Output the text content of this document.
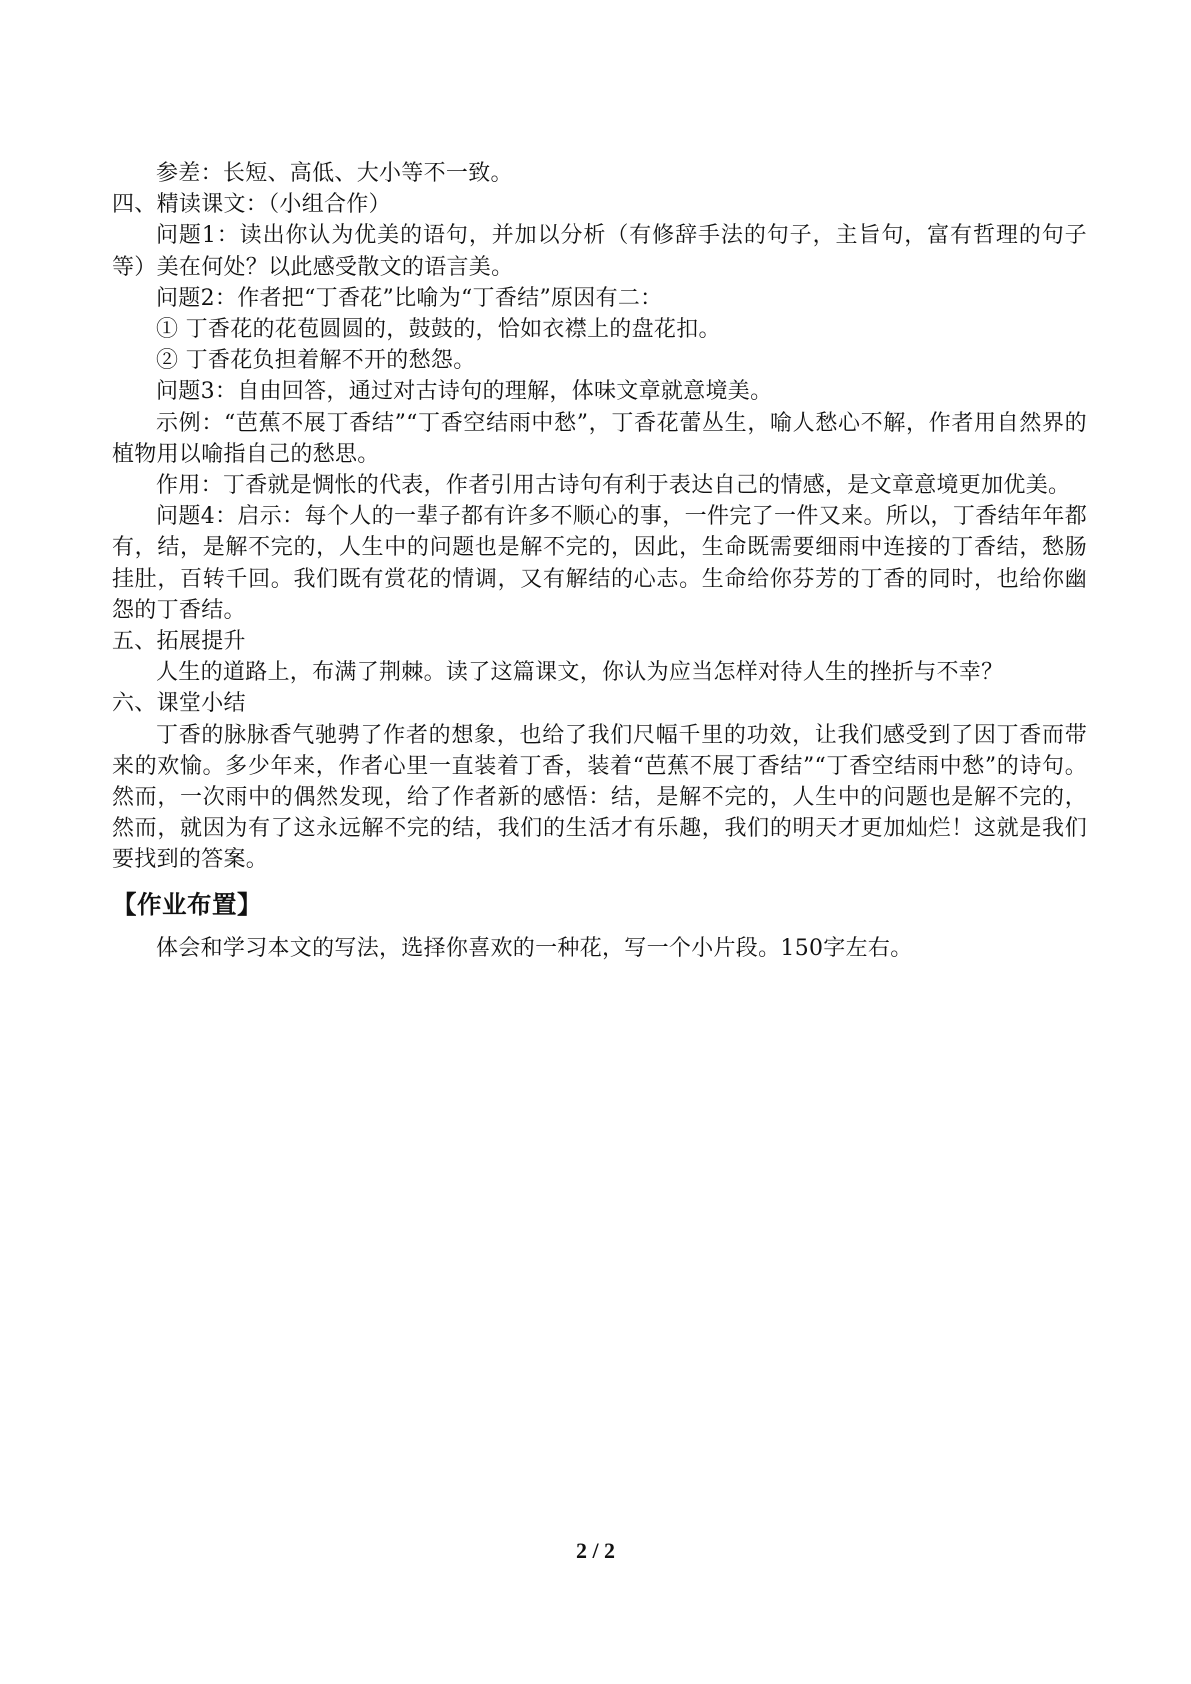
参差：长短、高低、大小等不一致。

四、精读课文：（小组合作）

问题1：读出你认为优美的语句，并加以分析（有修辞手法的句子，主旨句，富有哲理的句子等）美在何处？以此感受散文的语言美。

问题2：作者把“丁香花”比喻为“丁香结”原因有二：

① 丁香花的花苞圆圆的，鼓鼓的，恰如衣襟上的盘花扣。

② 丁香花负担着解不开的愁怨。

问题3：自由回答，通过对古诗句的理解，体味文章就意境美。

示例：“芭蕉不展丁香结”“丁香空结雨中愁”，丁香花蕾丛生，喻人愁心不解，作者用自然界的植物用以喻指自己的愁思。

作用：丁香就是惆怅的代表，作者引用古诗句有利于表达自己的情感，是文章意境更加优美。

问题4：启示：每个人的一辈子都有许多不顺心的事，一件完了一件又来。所以，丁香结年年都有，结，是解不完的，人生中的问题也是解不完的，因此，生命既需要细雨中连接的丁香结，愁肠挂肚，百转千回。我们既有赏花的情调，又有解结的心志。生命给你芬芳的丁香的同时，也给你幽怨的丁香结。

五、拓展提升

人生的道路上，布满了荆棘。读了这篇课文，你认为应当怎样对待人生的挫折与不幸？

六、课堂小结

丁香的脉脉香气驰骋了作者的想象，也给了我们尺幅千里的功效，让我们感受到了因丁香而带来的欢愉。多少年来，作者心里一直装着丁香，装着“芭蕉不展丁香结”“丁香空结雨中愁”的诗句。然而，一次雨中的偶然发现，给了作者新的感悟：结，是解不完的，人生中的问题也是解不完的，然而，就因为有了这永远解不完的结，我们的生活才有乐趣，我们的明天才更加灿烂！这就是我们要找到的答案。

【作业布置】

体会和学习本文的写法，选择你喜欢的一种花，写一个小片段。150字左右。

2 / 2
